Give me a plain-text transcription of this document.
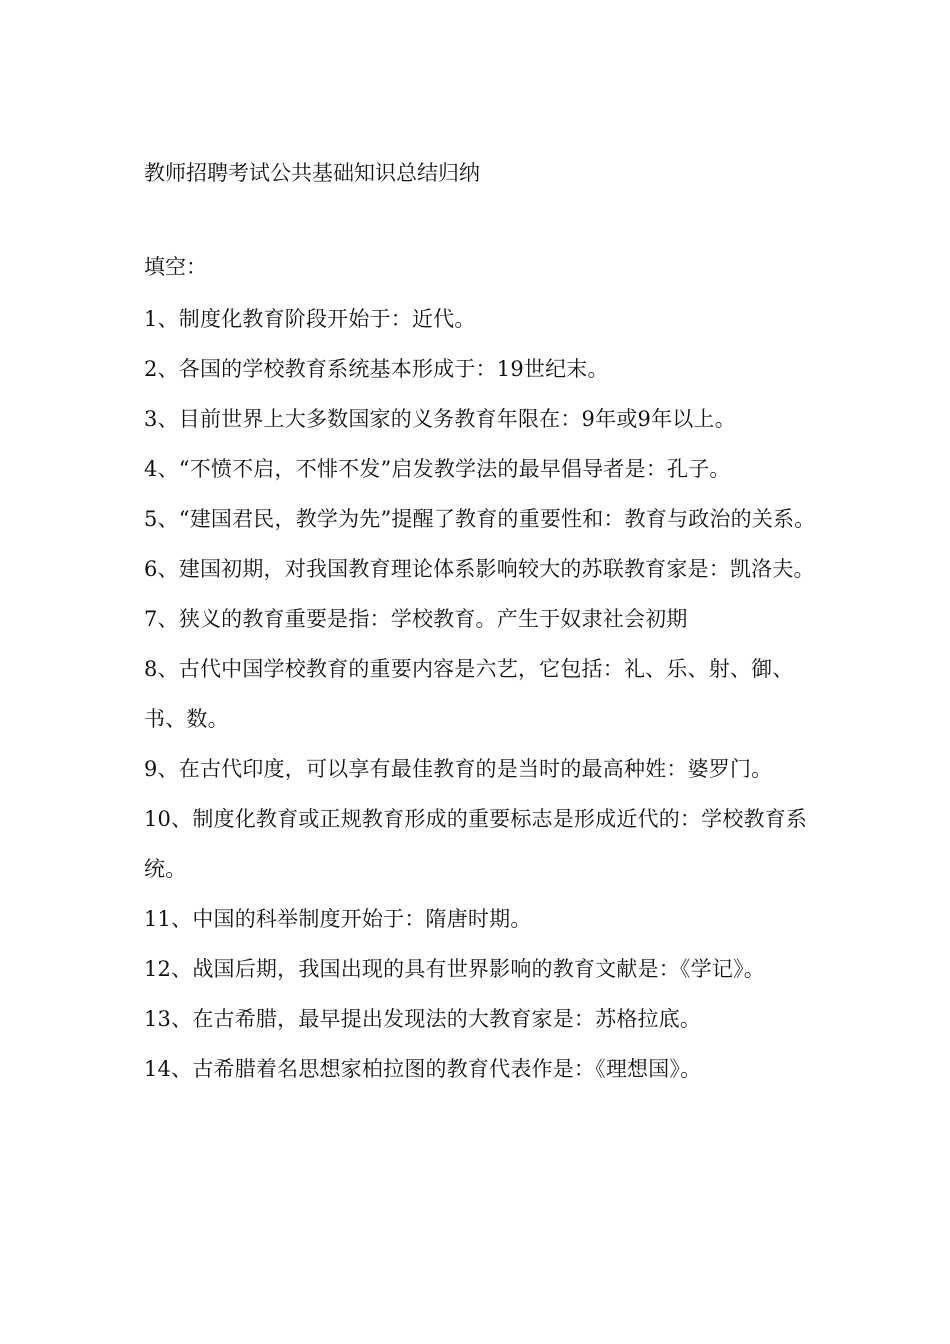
教师招聘考试公共基础知识总结归纳
填空：
1、制度化教育阶段开始于：近代。
2、各国的学校教育系统基本形成于：19世纪末。
3、目前世界上大多数国家的义务教育年限在：9年或9年以上。
4、“不愤不启，不悱不发”启发教学法的最早倡导者是：孔子。
5、“建国君民，教学为先”提醒了教育的重要性和：教育与政治的关系。
6、建国初期，对我国教育理论体系影响较大的苏联教育家是：凯洛夫。
7、狭义的教育重要是指：学校教育。产生于奴隶社会初期
8、古代中国学校教育的重要内容是六艺，它包括：礼、乐、射、御、书、数。
9、在古代印度，可以享有最佳教育的是当时的最高种姓：婆罗门。
10、制度化教育或正规教育形成的重要标志是形成近代的：学校教育系统。
11、中国的科举制度开始于：隋唐时期。
12、战国后期，我国出现的具有世界影响的教育文献是：《学记》。
13、在古希腊，最早提出发现法的大教育家是：苏格拉底。
14、古希腊着名思想家柏拉图的教育代表作是：《理想国》。
